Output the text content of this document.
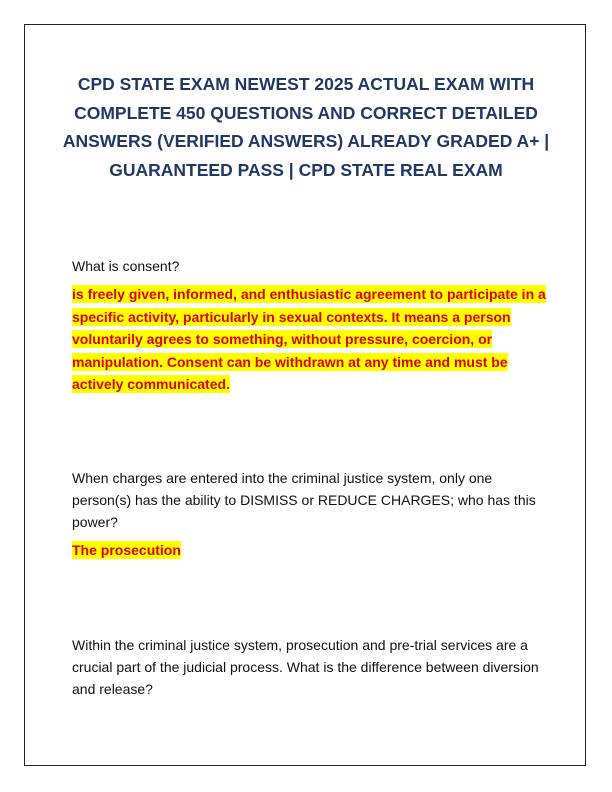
CPD STATE EXAM NEWEST 2025 ACTUAL EXAM WITH COMPLETE 450 QUESTIONS AND CORRECT DETAILED ANSWERS (VERIFIED ANSWERS) ALREADY GRADED A+ | GUARANTEED PASS | CPD STATE REAL EXAM

What is consent?

is freely given, informed, and enthusiastic agreement to participate in a specific activity, particularly in sexual contexts. It means a person voluntarily agrees to something, without pressure, coercion, or manipulation. Consent can be withdrawn at any time and must be actively communicated.

When charges are entered into the criminal justice system, only one person(s) has the ability to DISMISS or REDUCE CHARGES; who has this power?

The prosecution

Within the criminal justice system, prosecution and pre-trial services are a crucial part of the judicial process. What is the difference between diversion and release?
